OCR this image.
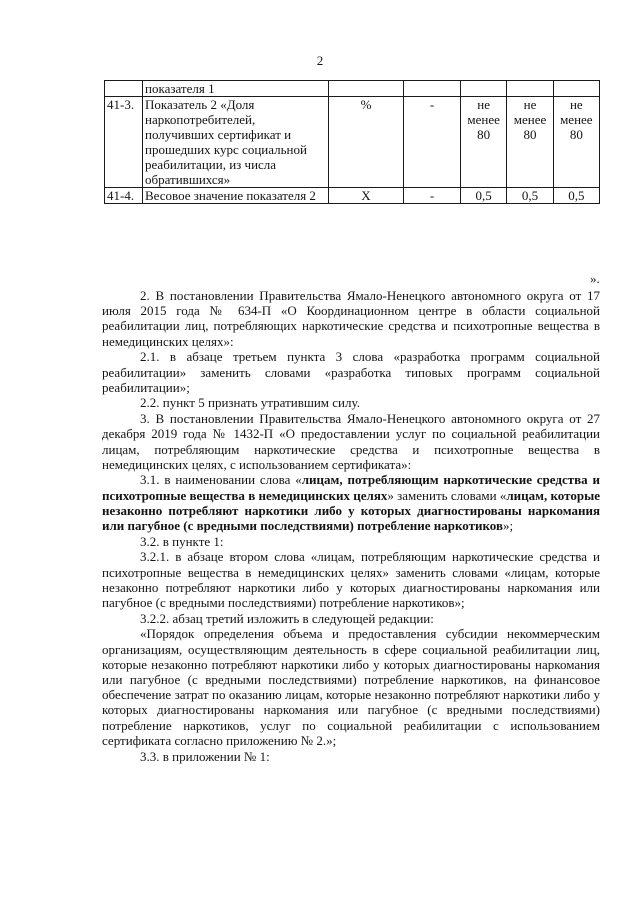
2
	показателя 1					
41-3.	Показатель 2 «Доля наркопотребителей, получивших сертификат и прошедших курс социальной реабилитации, из числа обратившихся»	%	-	не менее 80	не менее 80	не менее 80
41-4.	Весовое значение показателя 2	X	-	0,5	0,5	0,5
».

2. В постановлении Правительства Ямало-Ненецкого автономного округа от 17 июля 2015 года № 634-П «О Координационном центре в области социальной реабилитации лиц, потребляющих наркотические средства и психотропные вещества в немедицинских целях»:

2.1. в абзаце третьем пункта 3 слова «разработка программ социальной реабилитации» заменить словами «разработка типовых программ социальной реабилитации»;

2.2. пункт 5 признать утратившим силу.

3. В постановлении Правительства Ямало-Ненецкого автономного округа от 27 декабря 2019 года № 1432-П «О предоставлении услуг по социальной реабилитации лицам, потребляющим наркотические средства и психотропные вещества в немедицинских целях, с использованием сертификата»:

3.1. в наименовании слова «лицам, потребляющим наркотические средства и психотропные вещества в немедицинских целях» заменить словами «лицам, которые незаконно потребляют наркотики либо у которых диагностированы наркомания или пагубное (с вредными последствиями) потребление наркотиков»;

3.2. в пункте 1:

3.2.1. в абзаце втором слова «лицам, потребляющим наркотические средства и психотропные вещества в немедицинских целях» заменить словами «лицам, которые незаконно потребляют наркотики либо у которых диагностированы наркомания или пагубное (с вредными последствиями) потребление наркотиков»;

3.2.2. абзац третий изложить в следующей редакции:

«Порядок определения объема и предоставления субсидии некоммерческим организациям, осуществляющим деятельность в сфере социальной реабилитации лиц, которые незаконно потребляют наркотики либо у которых диагностированы наркомания или пагубное (с вредными последствиями) потребление наркотиков, на финансовое обеспечение затрат по оказанию лицам, которые незаконно потребляют наркотики либо у которых диагностированы наркомания или пагубное (с вредными последствиями) потребление наркотиков, услуг по социальной реабилитации с использованием сертификата согласно приложению № 2.»;

3.3. в приложении № 1:
